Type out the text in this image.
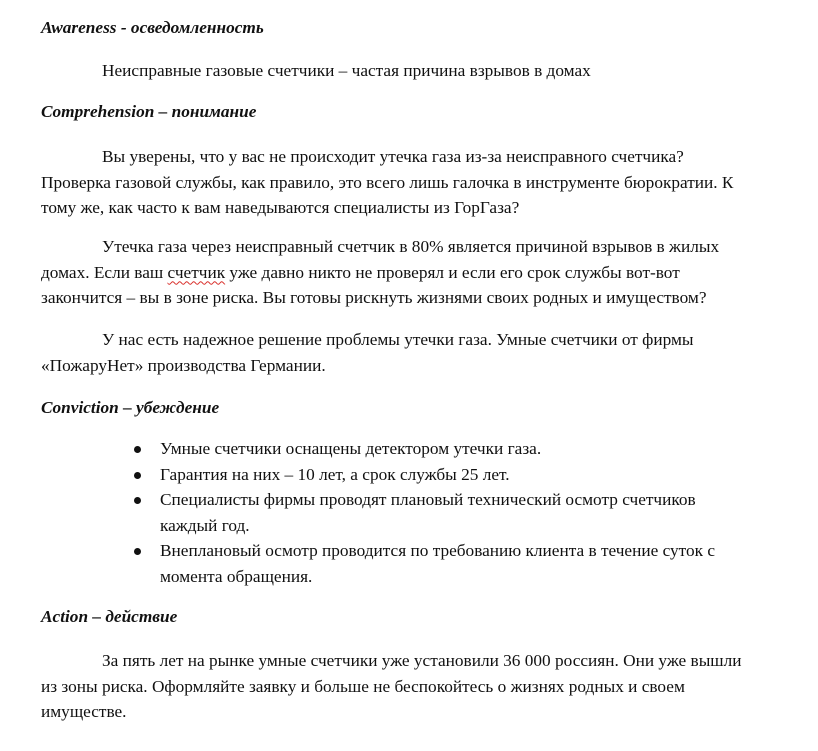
Awareness - осведомленность

Неисправные газовые счетчики – частая причина взрывов в домах

Comprehension – понимание

Вы уверены, что у вас не происходит утечка газа из-за неисправного счетчика?
Проверка газовой службы, как правило, это всего лишь галочка в инструменте бюрократии. К
тому же, как часто к вам наведываются специалисты из ГорГаза?

Утечка газа через неисправный счетчик в 80% является причиной взрывов в жилых
домах. Если ваш счетчик уже давно никто не проверял и если его срок службы вот-вот
закончится – вы в зоне риска. Вы готовы рискнуть жизнями своих родных и имуществом?

У нас есть надежное решение проблемы утечки газа. Умные счетчики от фирмы
«ПожаруНет» производства Германии.

Conviction – убеждение
Умные счетчики оснащены детектором утечки газа.
Гарантия на них – 10 лет, а срок службы 25 лет.
Специалисты фирмы проводят плановый технический осмотр счетчиков
каждый год.
Внеплановый осмотр проводится по требованию клиента в течение суток с
момента обращения.
Action – действие

За пять лет на рынке умные счетчики уже установили 36 000 россиян. Они уже вышли
из зоны риска. Оформляйте заявку и больше не беспокойтесь о жизнях родных и своем
имуществе.
